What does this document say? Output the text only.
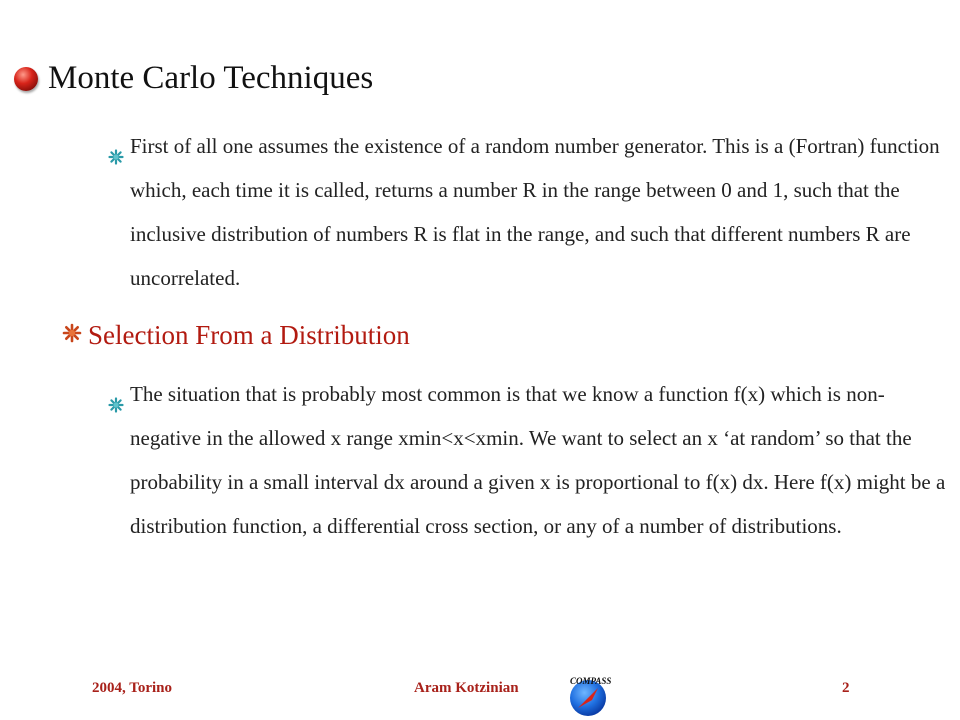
Monte Carlo Techniques
First of all one assumes the existence of a random number generator. This is a (Fortran) function which, each time it is called, returns a number R in the range between 0 and 1, such that the inclusive distribution of numbers R is flat in the range, and such that different numbers R are uncorrelated.
Selection From a Distribution
The situation that is probably most common is that we know a function f(x) which is non-negative in the allowed x range xmin<x<xmin. We want to select an x ‘at random’ so that the probability in a small interval dx around a given x is proportional to f(x) dx. Here f(x) might be a distribution function, a differential cross section, or any of a number of distributions.
2004, Torino	Aram Kotzinian	2
COMPASS
